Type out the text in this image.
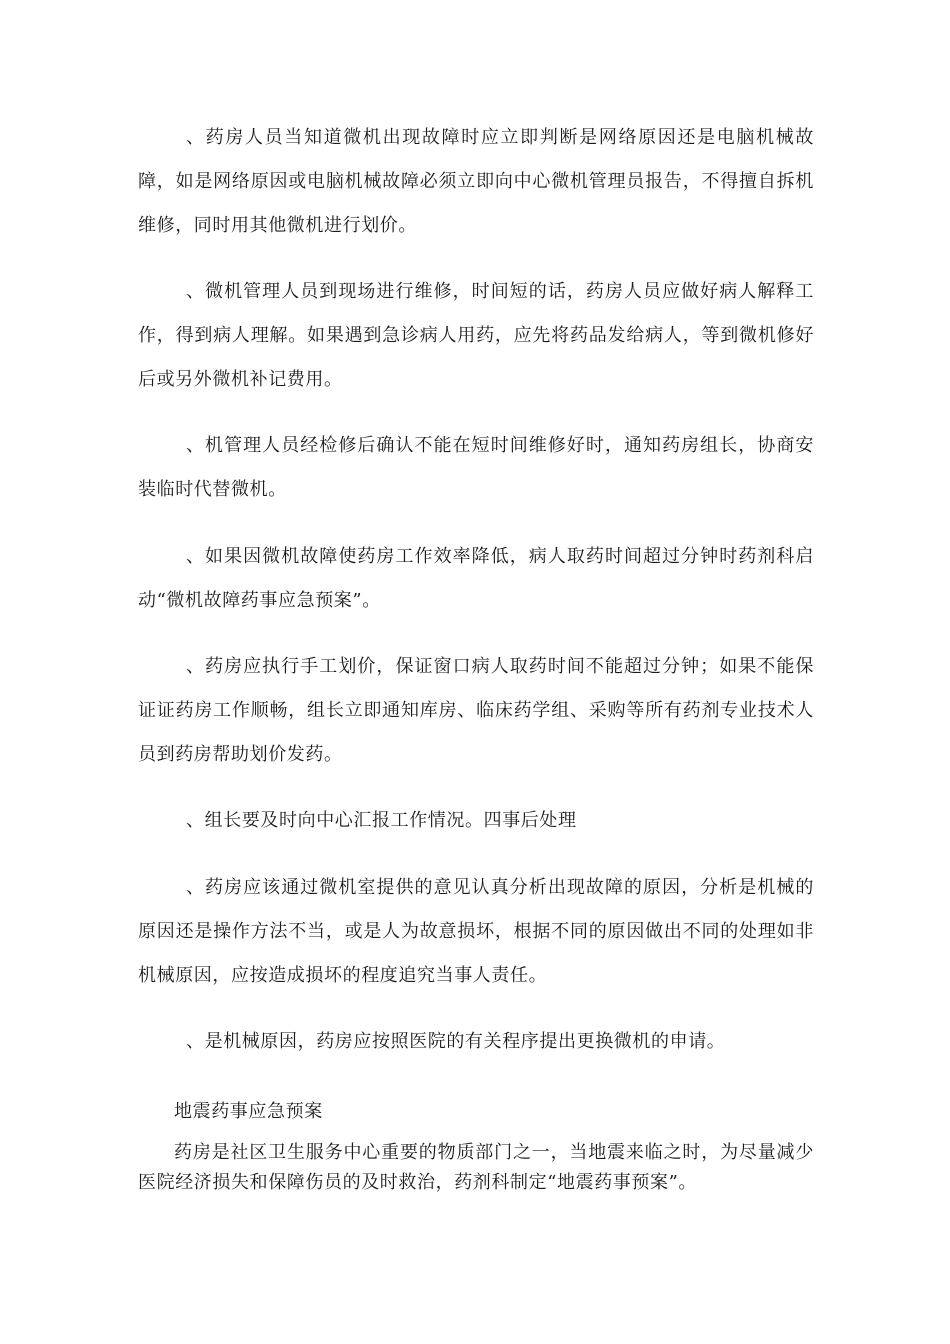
、药房人员当知道微机出现故障时应立即判断是网络原因还是电脑机械故障，如是网络原因或电脑机械故障必须立即向中心微机管理员报告，不得擅自拆机维修，同时用其他微机进行划价。

、微机管理人员到现场进行维修，时间短的话，药房人员应做好病人解释工作，得到病人理解。如果遇到急诊病人用药，应先将药品发给病人，等到微机修好后或另外微机补记费用。

、机管理人员经检修后确认不能在短时间维修好时，通知药房组长，协商安装临时代替微机。

、如果因微机故障使药房工作效率降低，病人取药时间超过分钟时药剂科启动“微机故障药事应急预案”。

、药房应执行手工划价，保证窗口病人取药时间不能超过分钟；如果不能保证证药房工作顺畅，组长立即通知库房、临床药学组、采购等所有药剂专业技术人员到药房帮助划价发药。

、组长要及时向中心汇报工作情况。四事后处理

、药房应该通过微机室提供的意见认真分析出现故障的原因，分析是机械的原因还是操作方法不当，或是人为故意损坏，根据不同的原因做出不同的处理如非机械原因，应按造成损坏的程度追究当事人责任。

、是机械原因，药房应按照医院的有关程序提出更换微机的申请。

地震药事应急预案

药房是社区卫生服务中心重要的物质部门之一，当地震来临之时，为尽量减少医院经济损失和保障伤员的及时救治，药剂科制定“地震药事预案”。
